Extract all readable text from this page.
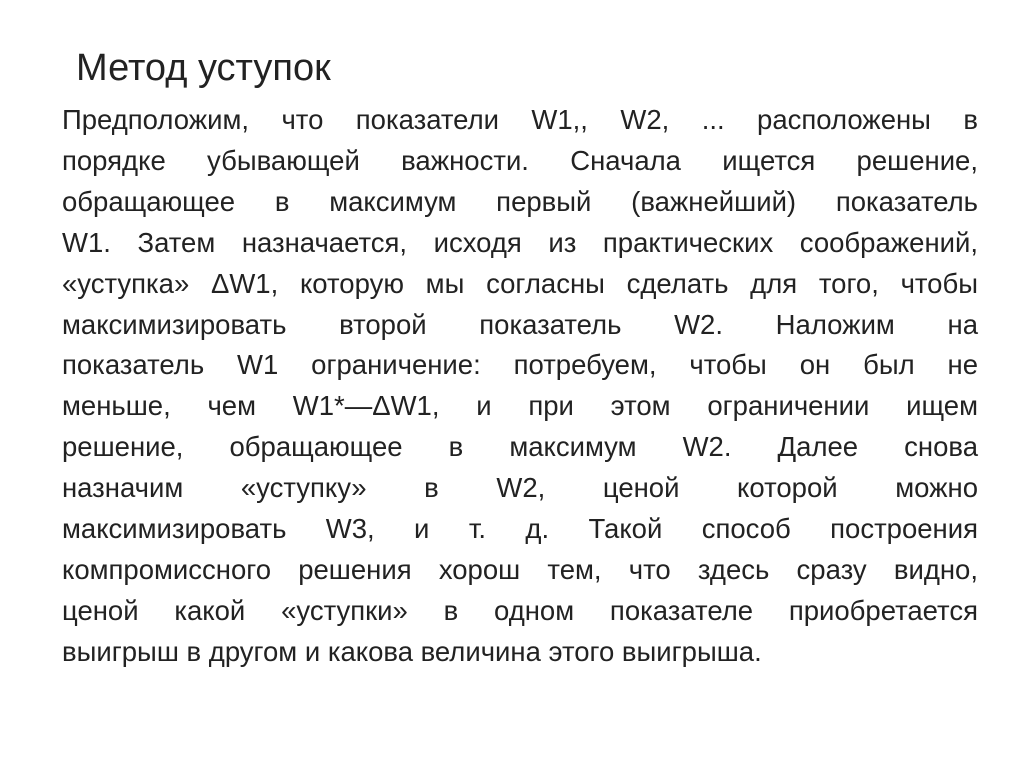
Метод уступок
Предположим, что показатели W1,, W2, ... расположены в
порядке убывающей важности. Сначала ищется решение,
обращающее в максимум первый (важнейший) показатель
W1. Затем назначается, исходя из практических соображений,
«уступка» ΔW1, которую мы согласны сделать для того, чтобы
максимизировать второй показатель W2. Наложим на
показатель W1 ограничение: потребуем, чтобы он был не
меньше, чем W1*—ΔW1, и при этом ограничении ищем
решение, обращающее в максимум W2. Далее снова
назначим «уступку» в W2, ценой которой можно
максимизировать W3, и т. д. Такой способ построения
компромиссного решения хорош тем, что здесь сразу видно,
ценой какой «уступки» в одном показателе приобретается
выигрыш в другом и какова величина этого выигрыша.
